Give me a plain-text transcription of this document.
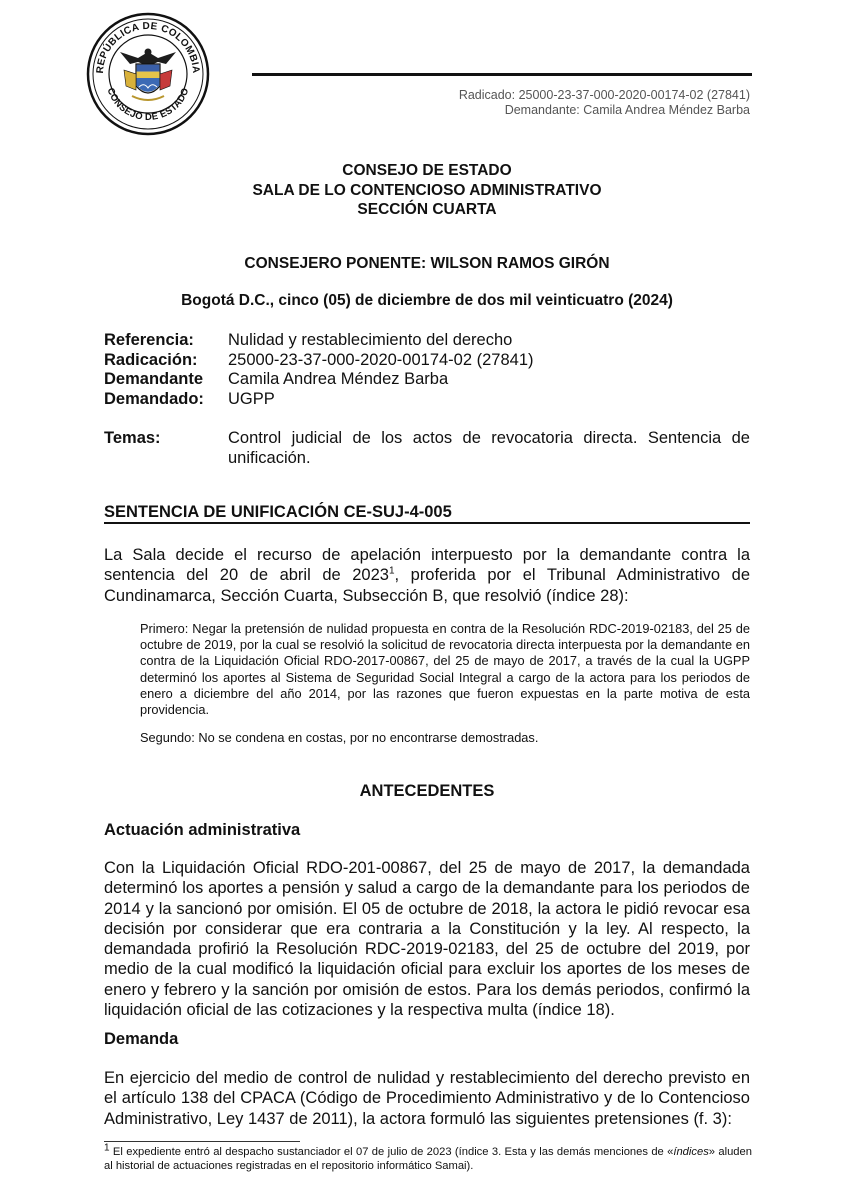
REPÚBLICA DE COLOMBIA
CONSEJO DE ESTADO	Radicado: 25000-23-37-000-2020-00174-02 (27841)
Demandante: Camila Andrea Méndez Barba
CONSEJO DE ESTADO
SALA DE LO CONTENCIOSO ADMINISTRATIVO
SECCIÓN CUARTA
CONSEJERO PONENTE: WILSON RAMOS GIRÓN
Bogotá D.C., cinco (05) de diciembre de dos mil veinticuatro (2024)
Referencia:	Nulidad y restablecimiento del derecho
Radicación:	25000-23-37-000-2020-00174-02 (27841)
Demandante	Camila Andrea Méndez Barba
Demandado:	UGPP
Temas:	Control judicial de los actos de revocatoria directa. Sentencia de unificación.
SENTENCIA DE UNIFICACIÓN CE-SUJ-4-005
La Sala decide el recurso de apelación interpuesto por la demandante contra la sentencia del 20 de abril de 2023$^1$, proferida por el Tribunal Administrativo de Cundinamarca, Sección Cuarta, Subsección B, que resolvió (índice 28):
Primero: Negar la pretensión de nulidad propuesta en contra de la Resolución RDC-2019-02183, del 25 de octubre de 2019, por la cual se resolvió la solicitud de revocatoria directa interpuesta por la demandante en contra de la Liquidación Oficial RDO-2017-00867, del 25 de mayo de 2017, a través de la cual la UGPP determinó los aportes al Sistema de Seguridad Social Integral a cargo de la actora para los periodos de enero a diciembre del año 2014, por las razones que fueron expuestas en la parte motiva de esta providencia.
Segundo: No se condena en costas, por no encontrarse demostradas.
ANTECEDENTES
Actuación administrativa
Con la Liquidación Oficial RDO-201-00867, del 25 de mayo de 2017, la demandada determinó los aportes a pensión y salud a cargo de la demandante para los periodos de 2014 y la sancionó por omisión. El 05 de octubre de 2018, la actora le pidió revocar esa decisión por considerar que era contraria a la Constitución y la ley. Al respecto, la demandada profirió la Resolución RDC-2019-02183, del 25 de octubre del 2019, por medio de la cual modificó la liquidación oficial para excluir los aportes de los meses de enero y febrero y la sanción por omisión de estos. Para los demás periodos, confirmó la liquidación oficial de las cotizaciones y la respectiva multa (índice 18).
Demanda
En ejercicio del medio de control de nulidad y restablecimiento del derecho previsto en el artículo 138 del CPACA (Código de Procedimiento Administrativo y de lo Contencioso Administrativo, Ley 1437 de 2011), la actora formuló las siguientes pretensiones (f. 3):
$^1$ El expediente entró al despacho sustanciador el 07 de julio de 2023 (índice 3. Esta y las demás menciones de «índices» aluden al historial de actuaciones registradas en el repositorio informático Samai).
